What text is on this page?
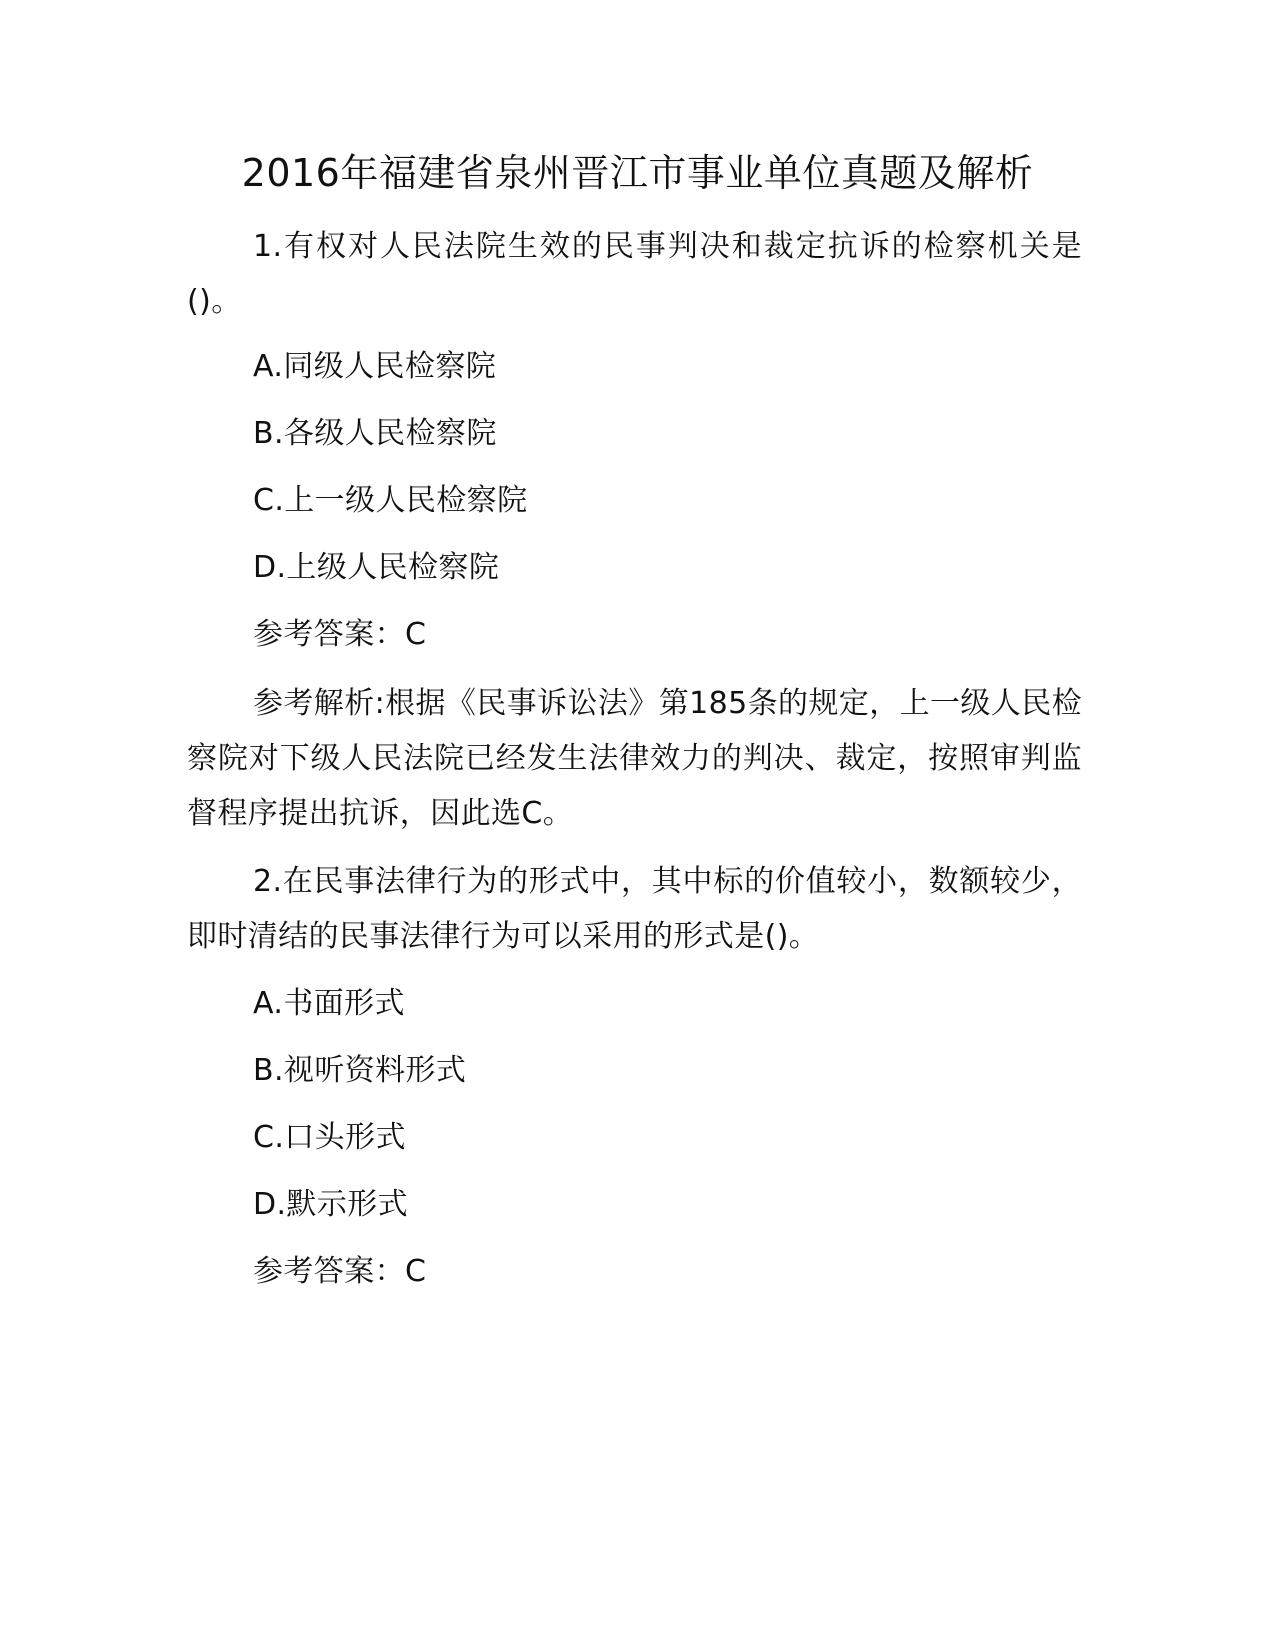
2016年福建省泉州晋江市事业单位真题及解析
1.有权对人民法院生效的民事判决和裁定抗诉的检察机关是()。
A.同级人民检察院
B.各级人民检察院
C.上一级人民检察院
D.上级人民检察院
参考答案：C
参考解析:根据《民事诉讼法》第185条的规定，上一级人民检察院对下级人民法院已经发生法律效力的判决、裁定，按照审判监督程序提出抗诉，因此选C。
2.在民事法律行为的形式中，其中标的价值较小，数额较少，即时清结的民事法律行为可以采用的形式是()。
A.书面形式
B.视听资料形式
C.口头形式
D.默示形式
参考答案：C
